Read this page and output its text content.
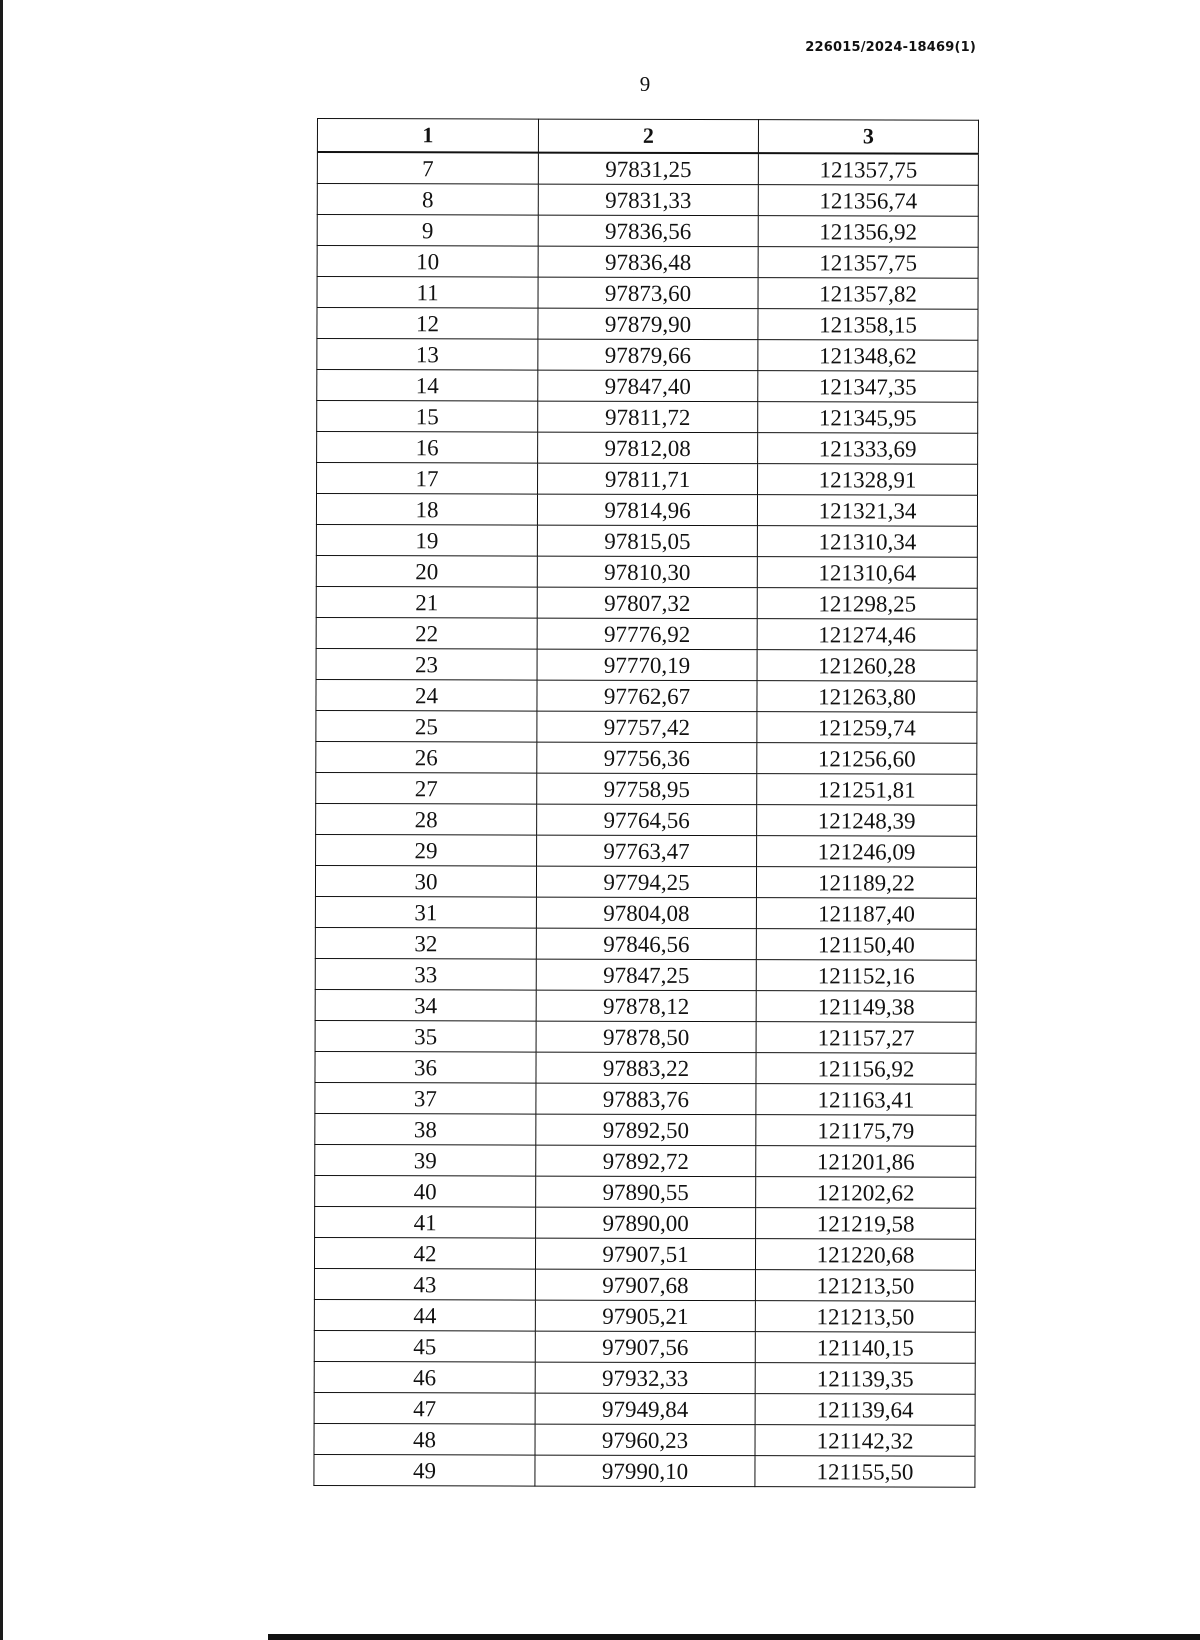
226015/2024-18469(1)
9
1	2	3
7	97831,25	121357,75
8	97831,33	121356,74
9	97836,56	121356,92
10	97836,48	121357,75
11	97873,60	121357,82
12	97879,90	121358,15
13	97879,66	121348,62
14	97847,40	121347,35
15	97811,72	121345,95
16	97812,08	121333,69
17	97811,71	121328,91
18	97814,96	121321,34
19	97815,05	121310,34
20	97810,30	121310,64
21	97807,32	121298,25
22	97776,92	121274,46
23	97770,19	121260,28
24	97762,67	121263,80
25	97757,42	121259,74
26	97756,36	121256,60
27	97758,95	121251,81
28	97764,56	121248,39
29	97763,47	121246,09
30	97794,25	121189,22
31	97804,08	121187,40
32	97846,56	121150,40
33	97847,25	121152,16
34	97878,12	121149,38
35	97878,50	121157,27
36	97883,22	121156,92
37	97883,76	121163,41
38	97892,50	121175,79
39	97892,72	121201,86
40	97890,55	121202,62
41	97890,00	121219,58
42	97907,51	121220,68
43	97907,68	121213,50
44	97905,21	121213,50
45	97907,56	121140,15
46	97932,33	121139,35
47	97949,84	121139,64
48	97960,23	121142,32
49	97990,10	121155,50
